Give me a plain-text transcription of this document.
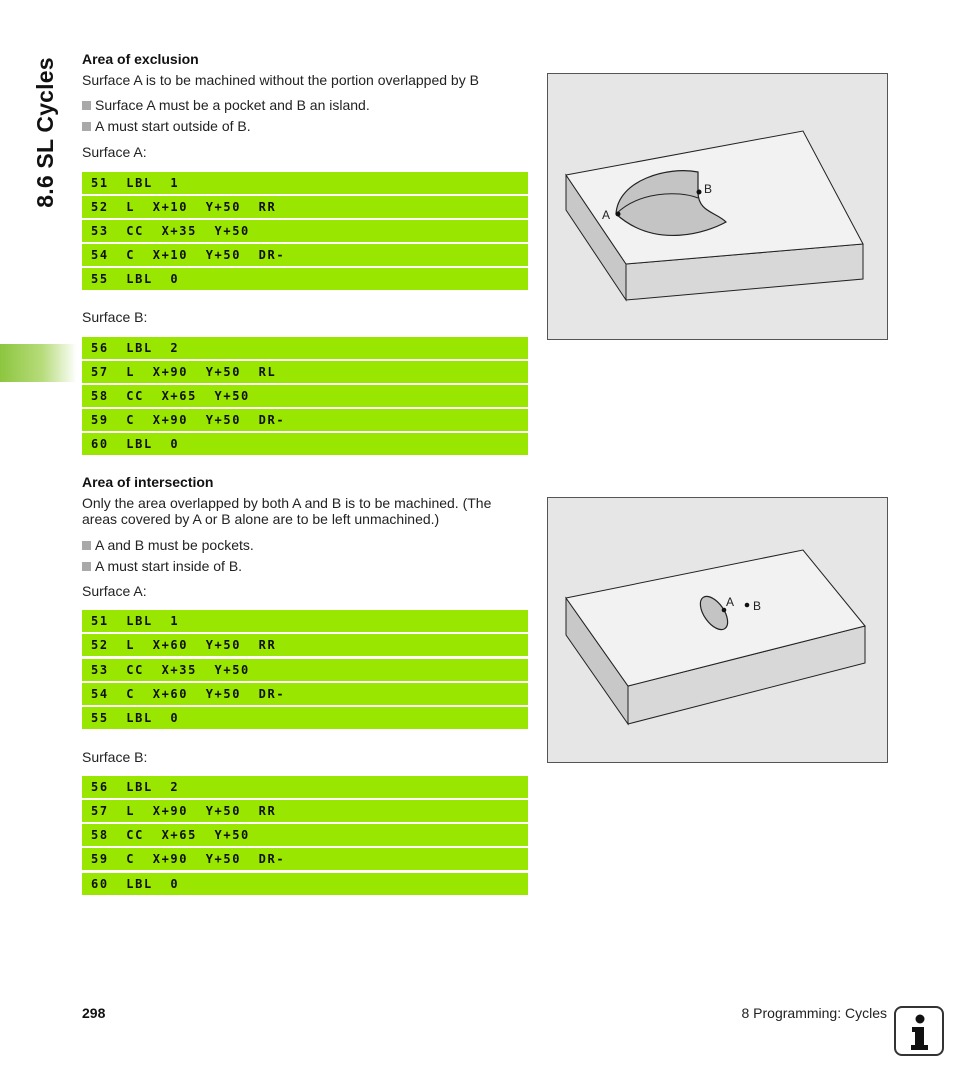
8.6 SL Cycles Area of exclusion
Surface A is to be machined without the portion overlapped by B
Surface A must be a pocket and B an island.
A must start outside of B.
Surface A:
51  LBL  1
52  L  X+10  Y+50  RR
53  CC  X+35  Y+50
54  C  X+10  Y+50  DR-
55  LBL  0
Surface B:
56  LBL  2
57  L  X+90  Y+50  RL
58  CC  X+65  Y+50
59  C  X+90  Y+50  DR-
60  LBL  0
A
B
Area of intersection
Only the area overlapped by both A and B is to be machined. (The
areas covered by A or B alone are to be left unmachined.)
A and B must be pockets.
A must start inside of B.
Surface A:
51  LBL  1
52  L  X+60  Y+50  RR
53  CC  X+35  Y+50
54  C  X+60  Y+50  DR-
55  LBL  0
Surface B:
56  LBL  2
57  L  X+90  Y+50  RR
58  CC  X+65  Y+50
59  C  X+90  Y+50  DR-
60  LBL  0
A B
298	8 Programming: Cycles
